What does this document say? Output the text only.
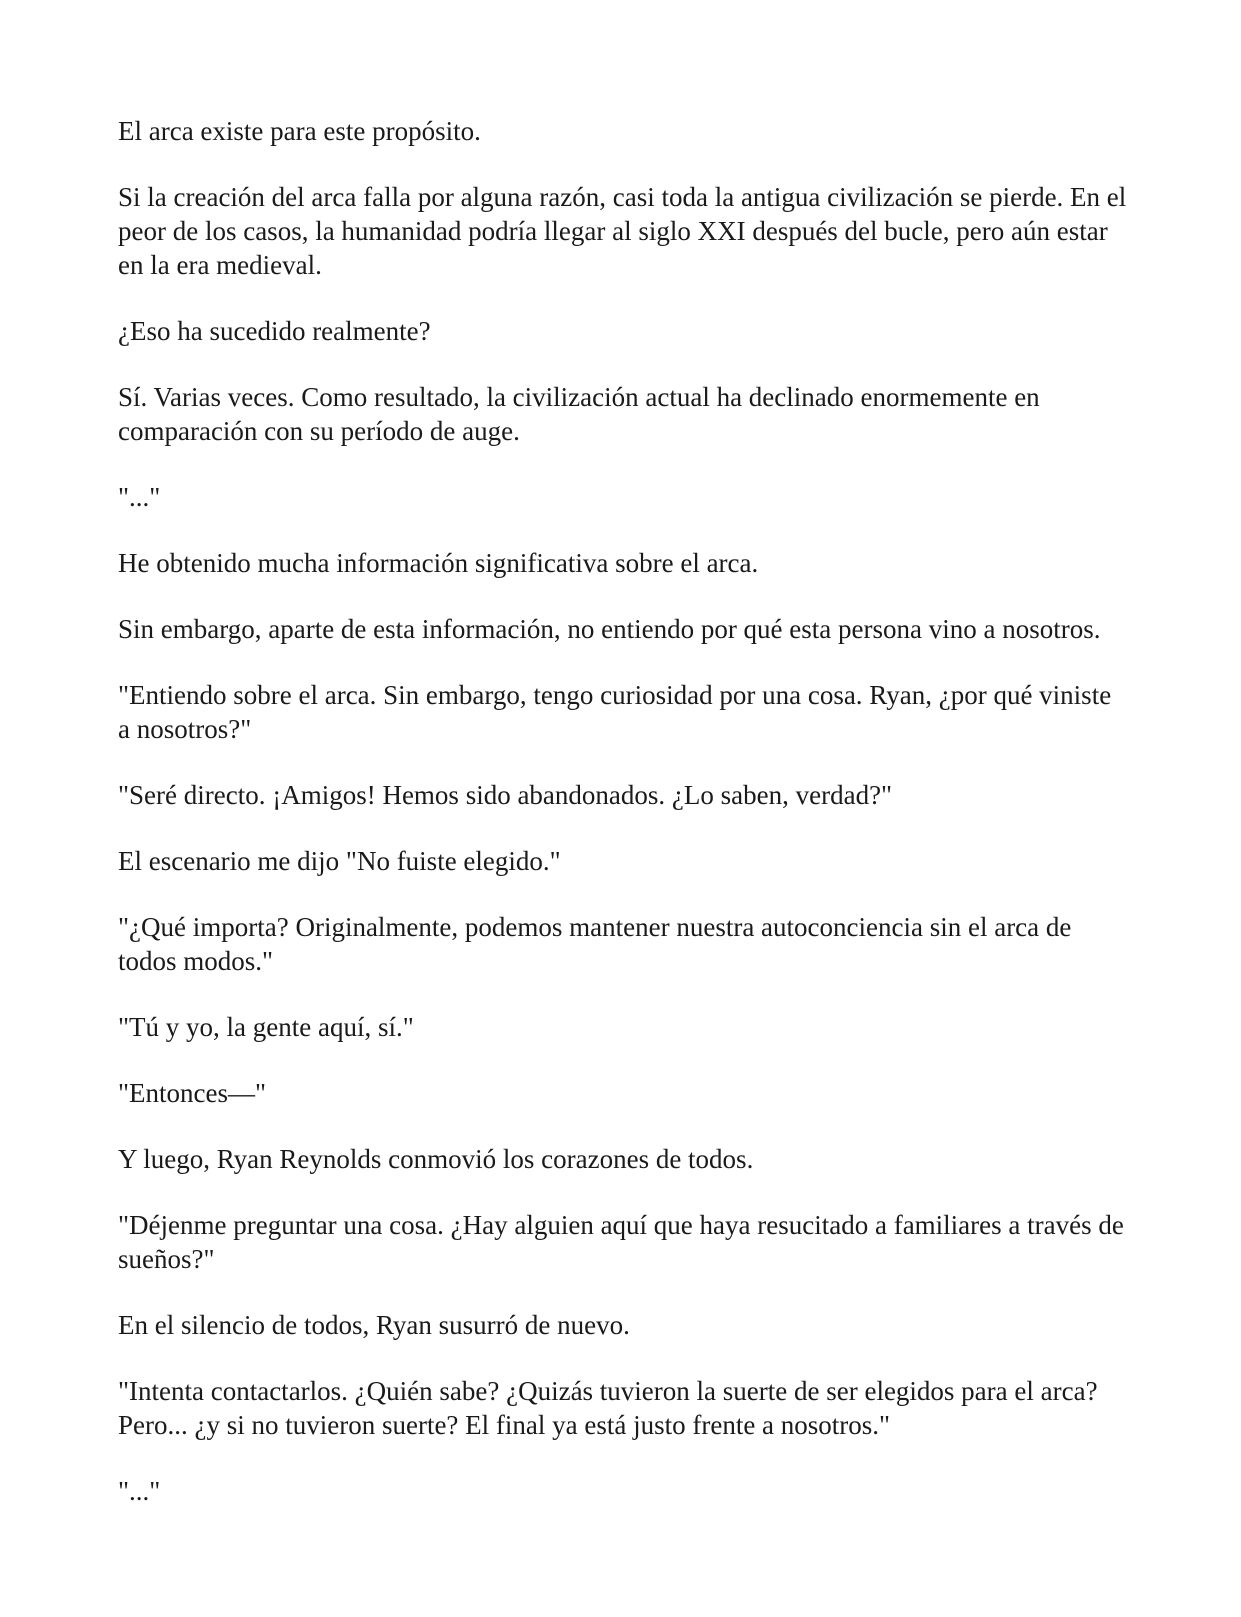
El arca existe para este propósito.

Si la creación del arca falla por alguna razón, casi toda la antigua civilización se pierde. En el peor de los casos, la humanidad podría llegar al siglo XXI después del bucle, pero aún estar en la era medieval.

¿Eso ha sucedido realmente?

Sí. Varias veces. Como resultado, la civilización actual ha declinado enormemente en comparación con su período de auge.

"..."

He obtenido mucha información significativa sobre el arca.

Sin embargo, aparte de esta información, no entiendo por qué esta persona vino a nosotros.

"Entiendo sobre el arca. Sin embargo, tengo curiosidad por una cosa. Ryan, ¿por qué viniste a nosotros?"

"Seré directo. ¡Amigos! Hemos sido abandonados. ¿Lo saben, verdad?"

El escenario me dijo "No fuiste elegido."

"¿Qué importa? Originalmente, podemos mantener nuestra autoconciencia sin el arca de todos modos."

"Tú y yo, la gente aquí, sí."

"Entonces—"

Y luego, Ryan Reynolds conmovió los corazones de todos.

"Déjenme preguntar una cosa. ¿Hay alguien aquí que haya resucitado a familiares a través de sueños?"

En el silencio de todos, Ryan susurró de nuevo.

"Intenta contactarlos. ¿Quién sabe? ¿Quizás tuvieron la suerte de ser elegidos para el arca? Pero... ¿y si no tuvieron suerte? El final ya está justo frente a nosotros."

"..."
